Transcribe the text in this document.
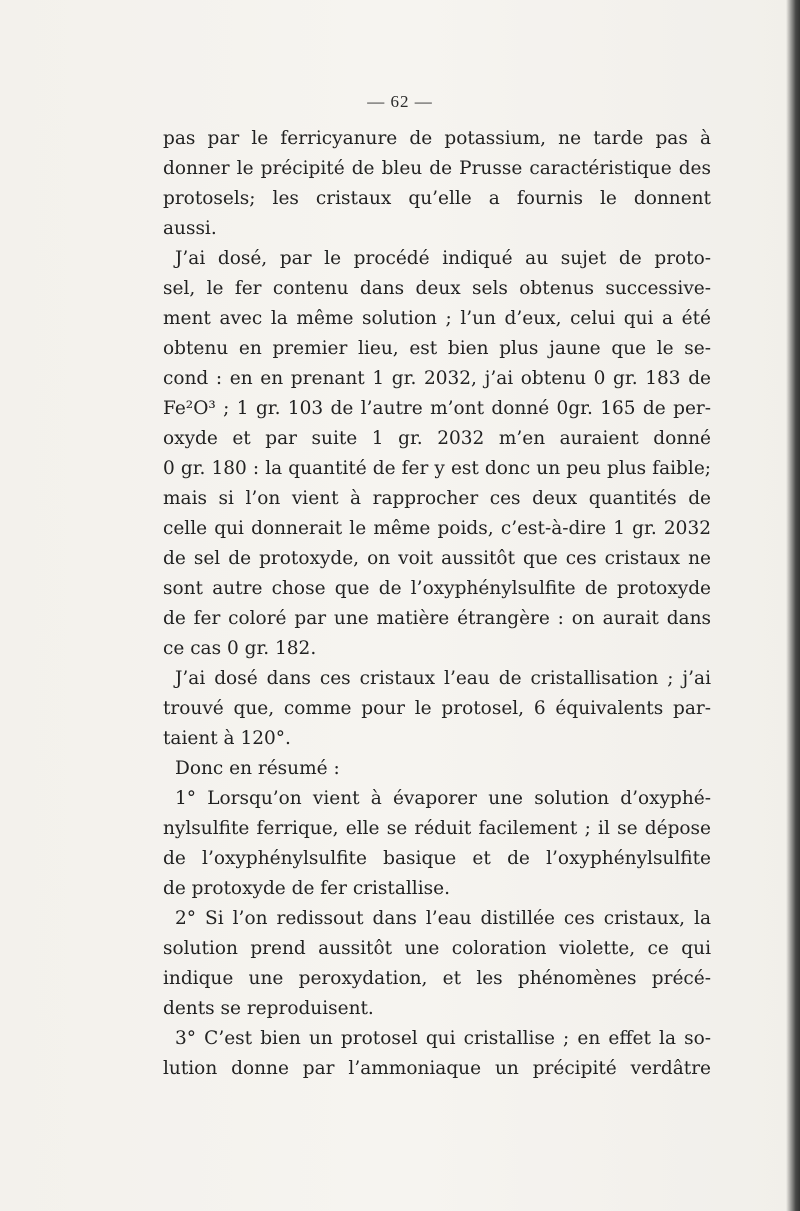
— 62 —
pas par le ferricyanure de potassium, ne tarde pas à
donner le précipité de bleu de Prusse caractéristique des
protosels; les cristaux qu’elle a fournis le donnent
aussi.
J’ai dosé, par le procédé indiqué au sujet de proto-
sel, le fer contenu dans deux sels obtenus successive-
ment avec la même solution ; l’un d’eux, celui qui a été
obtenu en premier lieu, est bien plus jaune que le se-
cond : en en prenant 1 gr. 2032, j’ai obtenu 0 gr. 183 de
Fe²O³ ; 1 gr. 103 de l’autre m’ont donné 0gr. 165 de per-
oxyde et par suite 1 gr. 2032 m’en auraient donné
0 gr. 180 : la quantité de fer y est donc un peu plus faible;
mais si l’on vient à rapprocher ces deux quantités de
celle qui donnerait le même poids, c’est-à-dire 1 gr. 2032
de sel de protoxyde, on voit aussitôt que ces cristaux ne
sont autre chose que de l’oxyphénylsulfite de protoxyde
de fer coloré par une matière étrangère : on aurait dans
ce cas 0 gr. 182.
J’ai dosé dans ces cristaux l’eau de cristallisation ; j’ai
trouvé que, comme pour le protosel, 6 équivalents par-
taient à 120°.
Donc en résumé :
1° Lorsqu’on vient à évaporer une solution d’oxyphé-
nylsulfite ferrique, elle se réduit facilement ; il se dépose
de l’oxyphénylsulfite basique et de l’oxyphénylsulfite
de protoxyde de fer cristallise.
2° Si l’on redissout dans l’eau distillée ces cristaux, la
solution prend aussitôt une coloration violette, ce qui
indique une peroxydation, et les phénomènes précé-
dents se reproduisent.
3° C’est bien un protosel qui cristallise ; en effet la so-
lution donne par l’ammoniaque un précipité verdâtre
